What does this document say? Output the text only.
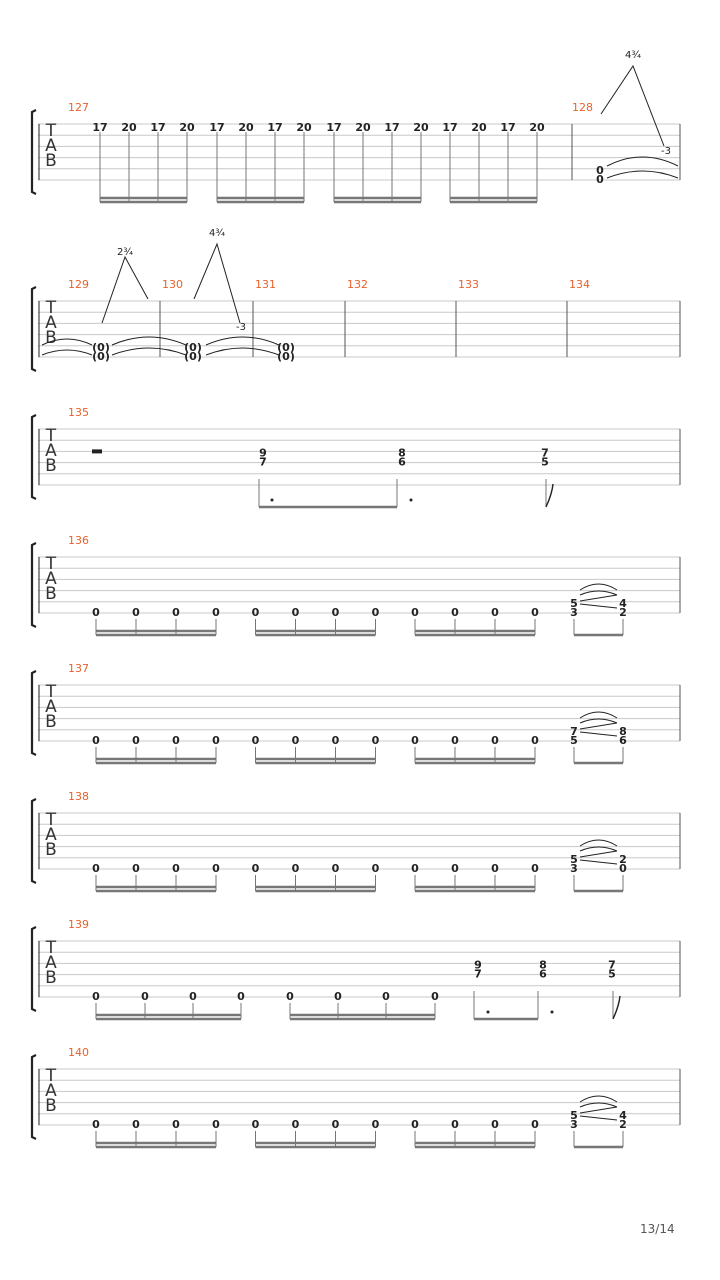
T
A
B
127
17 20 17 20 17 20 17 20 17 20 17 20 17 20 17 20
128
0
0
4¾
-3
T
A
B
129	130	131	132	133	134
(0)
(0)
(0)
(0)
(0)
(0)
2¾
4¾
-3
T
A
B
135
9
7
8
6
7
5
T
A
B
136
0	0	0	0	0	0	0	0	0	0	0	0
5
3
4
2
T
A
B
137
0	0	0	0	0	0	0	0	0	0	0	0
7
5
8
6
T
A
B
138
0	0	0	0	0	0	0	0	0	0	0	0
5
3
2
0
T
A
B
140
0	0	0	0	0	0	0	0	0	0	0	0
5
3
4
2
T
A
B
139
0	0	0	0	0	0	0	0
9
7
8
6
7
5
13/14
